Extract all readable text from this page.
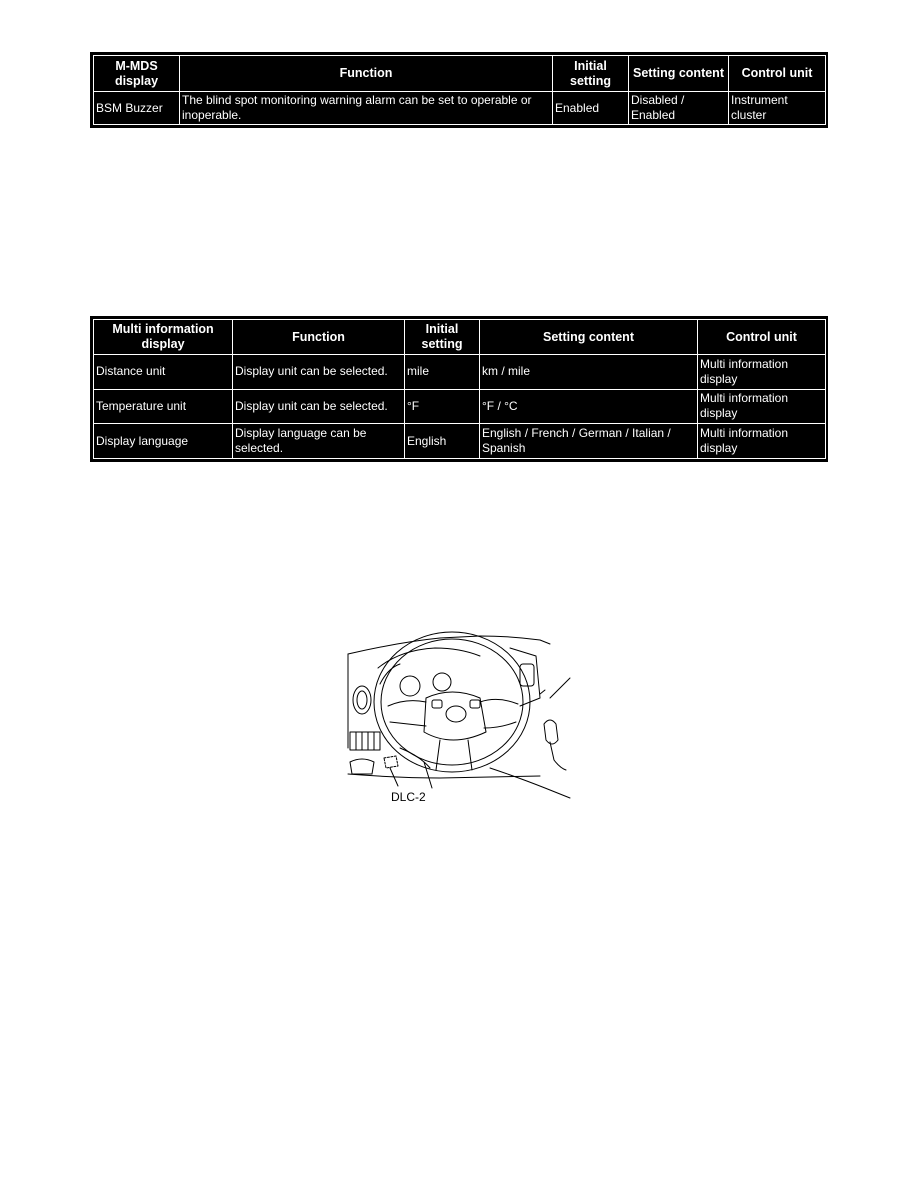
M-MDS display	Function	Initial setting	Setting content	Control unit
BSM Buzzer	The blind spot monitoring warning alarm can be set to operable or inoperable.	Enabled	Disabled / Enabled	Instrument cluster
Multi information display	Function	Initial setting	Setting content	Control unit
Distance unit	Display unit can be selected.	mile	km / mile	Multi information display
Temperature unit	Display unit can be selected.	°F	°F / °C	Multi information display
Display language	Display language can be selected.	English	English / French / German / Italian / Spanish	Multi information display
DLC-2
